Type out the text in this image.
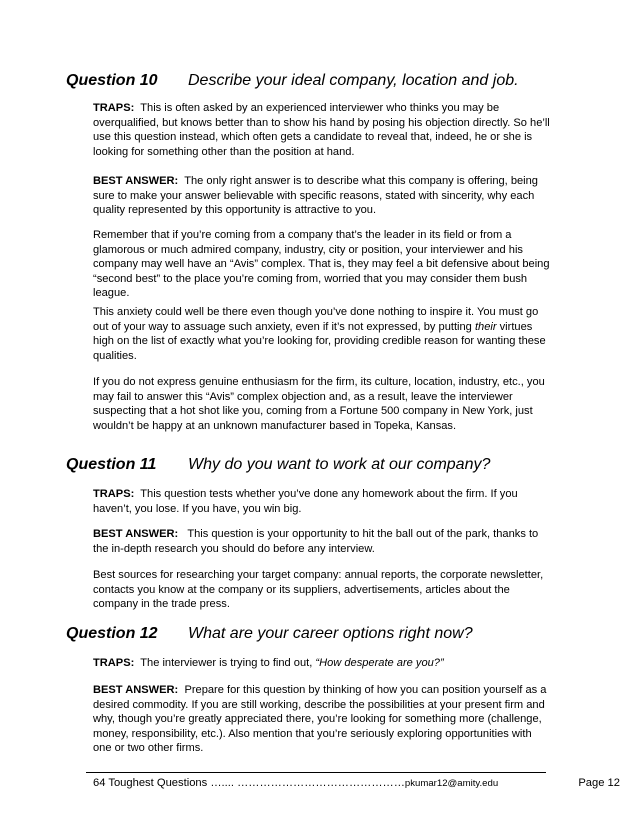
Question 10 Describe your ideal company, location and job.
TRAPS: This is often asked by an experienced interviewer who thinks you may be overqualified, but knows better than to show his hand by posing his objection directly. So he’ll use this question instead, which often gets a candidate to reveal that, indeed, he or she is looking for something other than the position at hand.
BEST ANSWER: The only right answer is to describe what this company is offering, being sure to make your answer believable with specific reasons, stated with sincerity, why each quality represented by this opportunity is attractive to you.
Remember that if you’re coming from a company that’s the leader in its field or from a glamorous or much admired company, industry, city or position, your interviewer and his company may well have an “Avis” complex. That is, they may feel a bit defensive about being “second best” to the place you’re coming from, worried that you may consider them bush league.
This anxiety could well be there even though you’ve done nothing to inspire it. You must go out of your way to assuage such anxiety, even if it’s not expressed, by putting their virtues high on the list of exactly what you’re looking for, providing credible reason for wanting these qualities.
If you do not express genuine enthusiasm for the firm, its culture, location, industry, etc., you may fail to answer this “Avis” complex objection and, as a result, leave the interviewer suspecting that a hot shot like you, coming from a Fortune 500 company in New York, just wouldn’t be happy at an unknown manufacturer based in Topeka, Kansas.
Question 11 Why do you want to work at our company?
TRAPS: This question tests whether you’ve done any homework about the firm. If you haven’t, you lose. If you have, you win big.
BEST ANSWER: This question is your opportunity to hit the ball out of the park, thanks to the in-depth research you should do before any interview.
Best sources for researching your target company: annual reports, the corporate newsletter, contacts you know at the company or its suppliers, advertisements, articles about the company in the trade press.
Question 12 What are your career options right now?
TRAPS: The interviewer is trying to find out, “How desperate are you?”
BEST ANSWER: Prepare for this question by thinking of how you can position yourself as a desired commodity. If you are still working, describe the possibilities at your present firm and why, though you’re greatly appreciated there, you’re looking for something more (challenge, money, responsibility, etc.). Also mention that you’re seriously exploring opportunities with one or two other firms.
64 Toughest Questions ….... ………………………………………pkumar12@amity.edu	Page 12
